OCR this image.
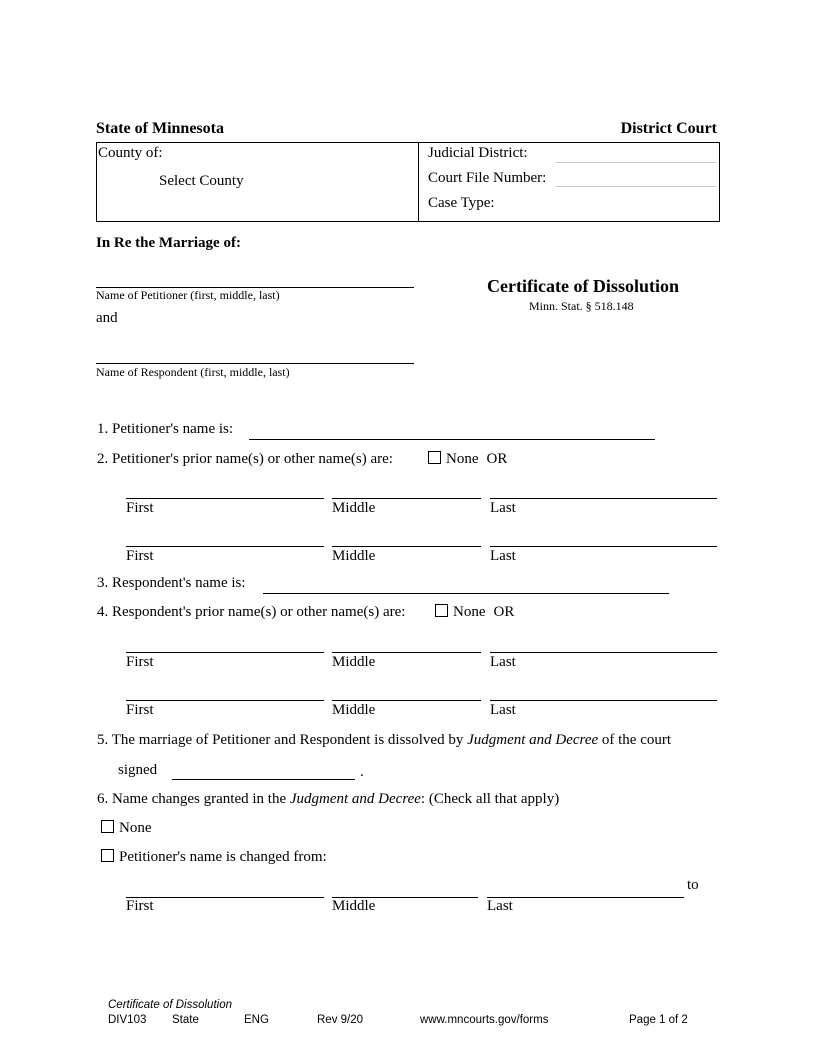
State of Minnesota	District Court
County of:
Select County
Judicial District:
Court File Number:
Case Type:
In Re the Marriage of:
Name of Petitioner (first, middle, last)
and
Name of Respondent (first, middle, last)
Certificate of Dissolution
Minn. Stat. § 518.148
1. Petitioner's name is:
2. Petitioner's prior name(s) or other name(s) are:	None OR
First	Middle	Last
First	Middle	Last
3. Respondent's name is:
4. Respondent's prior name(s) or other name(s) are:	None OR
First	Middle	Last
First	Middle	Last
5. The marriage of Petitioner and Respondent is dissolved by Judgment and Decree of the court
signed	.
6. Name changes granted in the Judgment and Decree: (Check all that apply)
None
Petitioner's name is changed from:
to
First	Middle	Last
Certificate of Dissolution
DIV103 State	ENG	Rev 9/20	www.mncourts.gov/forms	Page 1 of 2
